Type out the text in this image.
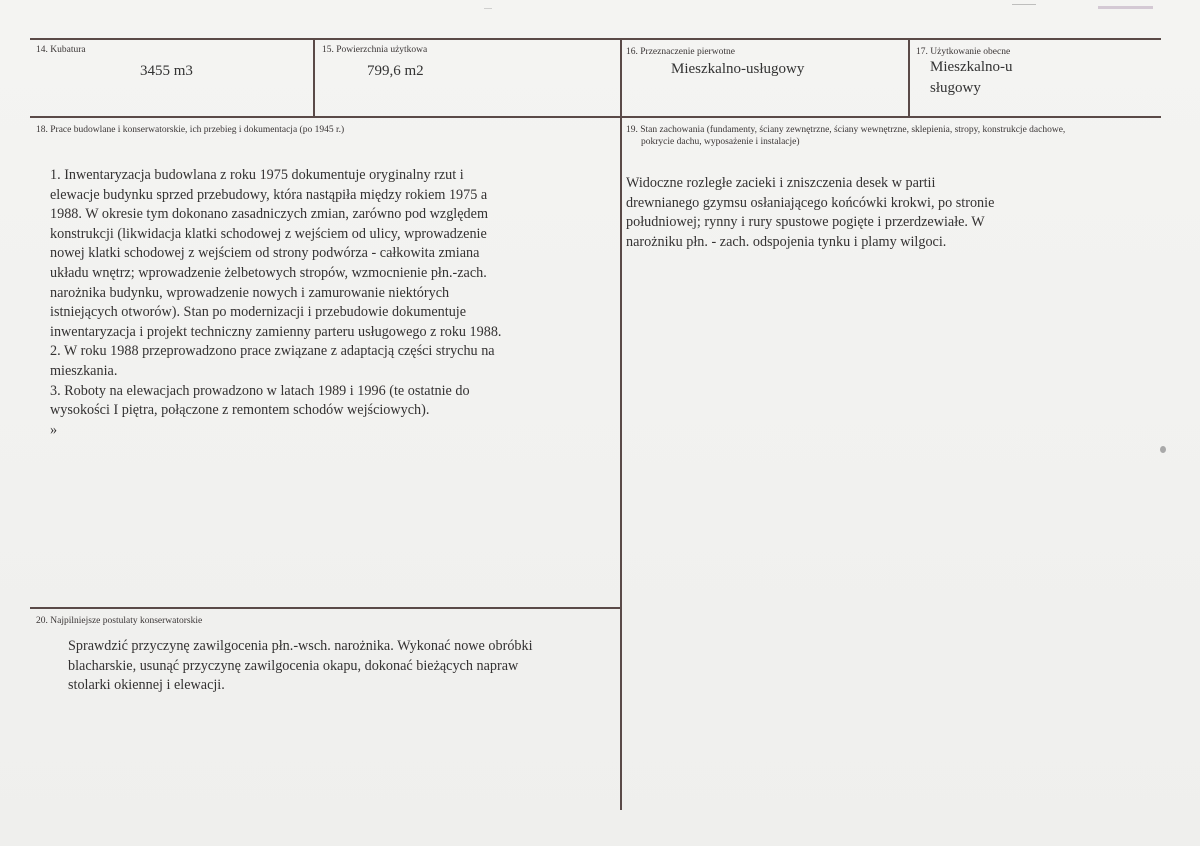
14. Kubatura
3455 m3
15. Powierzchnia użytkowa
799,6 m2
16. Przeznaczenie pierwotne
Mieszkalno-usługowy
17. Użytkowanie obecne
Mieszkalno-u
sługowy
18. Prace budowlane i konserwatorskie, ich przebieg i dokumentacja (po 1945 r.)
1. Inwentaryzacja budowlana z roku 1975 dokumentuje oryginalny rzut i
elewacje budynku sprzed przebudowy, która nastąpiła między rokiem 1975 a
1988. W okresie tym dokonano zasadniczych zmian, zarówno pod względem
konstrukcji (likwidacja klatki schodowej z wejściem od ulicy, wprowadzenie
nowej klatki schodowej z wejściem od strony podwórza - całkowita zmiana
układu wnętrz; wprowadzenie żelbetowych stropów, wzmocnienie płn.-zach.
narożnika budynku, wprowadzenie nowych i zamurowanie niektórych
istniejących otworów). Stan po modernizacji i przebudowie dokumentuje
inwentaryzacja i projekt techniczny zamienny parteru usługowego z roku 1988.
2. W roku 1988 przeprowadzono prace związane z adaptacją części strychu na
mieszkania.
3. Roboty na elewacjach prowadzono w latach 1989 i 1996 (te ostatnie do
wysokości I piętra, połączone z remontem schodów wejściowych).
»
19. Stan zachowania (fundamenty, ściany zewnętrzne, ściany wewnętrzne, sklepienia, stropy, konstrukcje dachowe,
pokrycie dachu, wyposażenie i instalacje)
Widoczne rozległe zacieki i zniszczenia desek w partii
drewnianego gzymsu osłaniającego końcówki krokwi, po stronie
południowej; rynny i rury spustowe pogięte i przerdzewiałe. W
narożniku płn. - zach. odspojenia tynku i plamy wilgoci.
20. Najpilniejsze postulaty konserwatorskie
Sprawdzić przyczynę zawilgocenia płn.-wsch. narożnika. Wykonać nowe obróbki
blacharskie, usunąć przyczynę zawilgocenia okapu, dokonać bieżących napraw
stolarki okiennej i elewacji.
